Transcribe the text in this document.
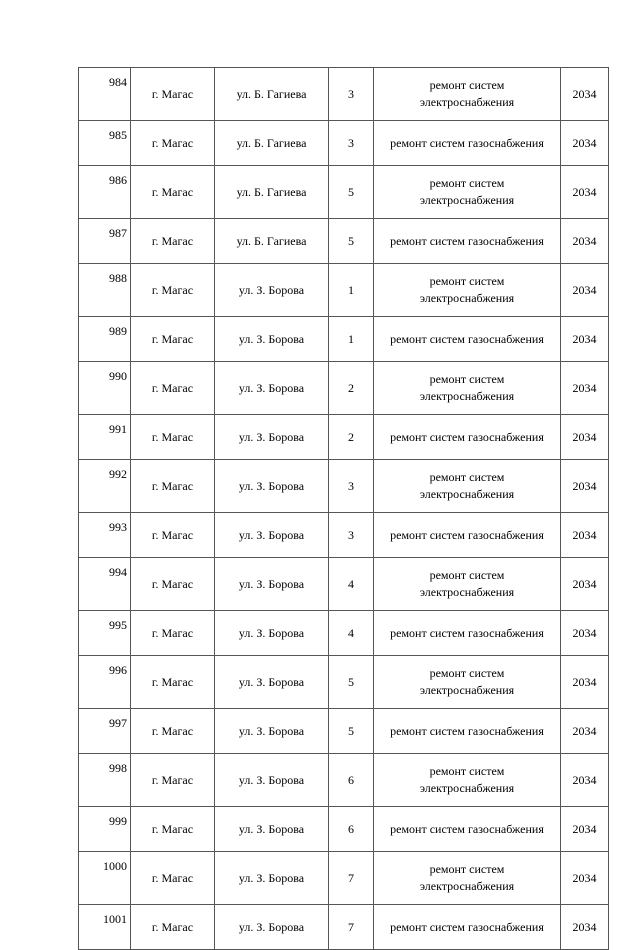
984	г. Магас	ул. Б. Гагиева	3	ремонт систем электроснабжения	2034
985	г. Магас	ул. Б. Гагиева	3	ремонт систем газоснабжения	2034
986	г. Магас	ул. Б. Гагиева	5	ремонт систем электроснабжения	2034
987	г. Магас	ул. Б. Гагиева	5	ремонт систем газоснабжения	2034
988	г. Магас	ул. З. Борова	1	ремонт систем электроснабжения	2034
989	г. Магас	ул. З. Борова	1	ремонт систем газоснабжения	2034
990	г. Магас	ул. З. Борова	2	ремонт систем электроснабжения	2034
991	г. Магас	ул. З. Борова	2	ремонт систем газоснабжения	2034
992	г. Магас	ул. З. Борова	3	ремонт систем электроснабжения	2034
993	г. Магас	ул. З. Борова	3	ремонт систем газоснабжения	2034
994	г. Магас	ул. З. Борова	4	ремонт систем электроснабжения	2034
995	г. Магас	ул. З. Борова	4	ремонт систем газоснабжения	2034
996	г. Магас	ул. З. Борова	5	ремонт систем электроснабжения	2034
997	г. Магас	ул. З. Борова	5	ремонт систем газоснабжения	2034
998	г. Магас	ул. З. Борова	6	ремонт систем электроснабжения	2034
999	г. Магас	ул. З. Борова	6	ремонт систем газоснабжения	2034
1000	г. Магас	ул. З. Борова	7	ремонт систем электроснабжения	2034
1001	г. Магас	ул. З. Борова	7	ремонт систем газоснабжения	2034
